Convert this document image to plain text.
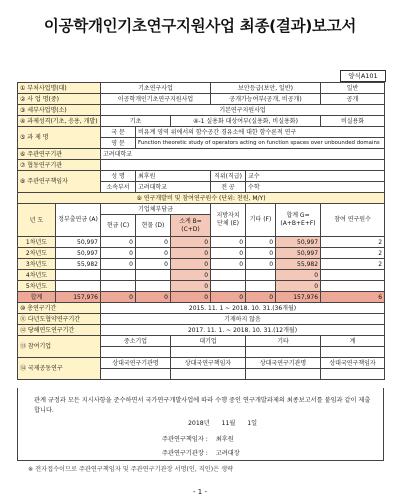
이공학개인기초연구지원사업 최종(결과)보고서
양식A101
① 부처사업명(대)		기초연구사업			보안등급(보안, 일반)			일반
② 사 업 명(중)		이공학개인기초연구지원사업			공개가능여부(공개, 비공개)			공개
③ 세부사업명(소)		기본연구지원사업						
④ 과제성격(기초, 응용, 개발)		기초		④-1 실용화 대상여부(실용화, 비실용화)				비실용화
⑤ 과 제 명		국 문	비유계 영역 위에서의 함수공간 경유소에 대한 함수론적 연구					
		영 문	Function theoretic study of operators acting on function spaces over unbounded domains					
⑥ 주관연구기관		고려대학교						
⑦ 협동연구기관								
⑧ 주관연구책임자		성 명	최후원		직위(직급)	교수		
		소속부서	고려대학교		전 공	수학		
⑨ 연구개발비 및 참여연구원수 (단위: 천원, M/Y)								
년 도	정부출연금 (A)	기업체부담금			지방자치 단체 (E)	기타 (F)	합계 G=(A+B+E+F)	참여 연구원수
		현금 (C)	현물 (D)	소계 B=(C+D)				
1차년도	50,997	0	0	0	0	0	50,997	2
2차년도	50,997	0	0	0	0	0	50,997	2
3차년도	55,982	0	0	0	0	0	55,982	2
4차년도				0			0	
5차년도				0			0	
합계	157,976	0	0	0	0	0	157,976	6
⑩ 총연구기간		2015. 11. 1 ~ 2018. 10. 31.(36개월)						
⑪ 다년도협약연구기간		기재하지 않음						
⑫ 당해연도연구기간		2017. 11. 1. ~ 2018. 10. 31.(12개월)						
⑬ 참여기업		중소기업		대기업		기타		계

⑭ 국제공동연구		상대국연구기관명		상대국연구책임자		상대국연구기관명		상대국연구책임자

관계 규정과 모든 지시사항을 준수하면서 국가연구개발사업에 따라 수행 중인 연구개발과제의 최종보고서를 붙임과 같이 제출 합니다.

2018년 11월 1일
주관연구책임자 : 최후원
주관연구기관장 : 고려대장
※ 전자접수이므로 주관연구책임자 및 주관연구기관장 서명(인, 직인)은 생략
- 1 -
